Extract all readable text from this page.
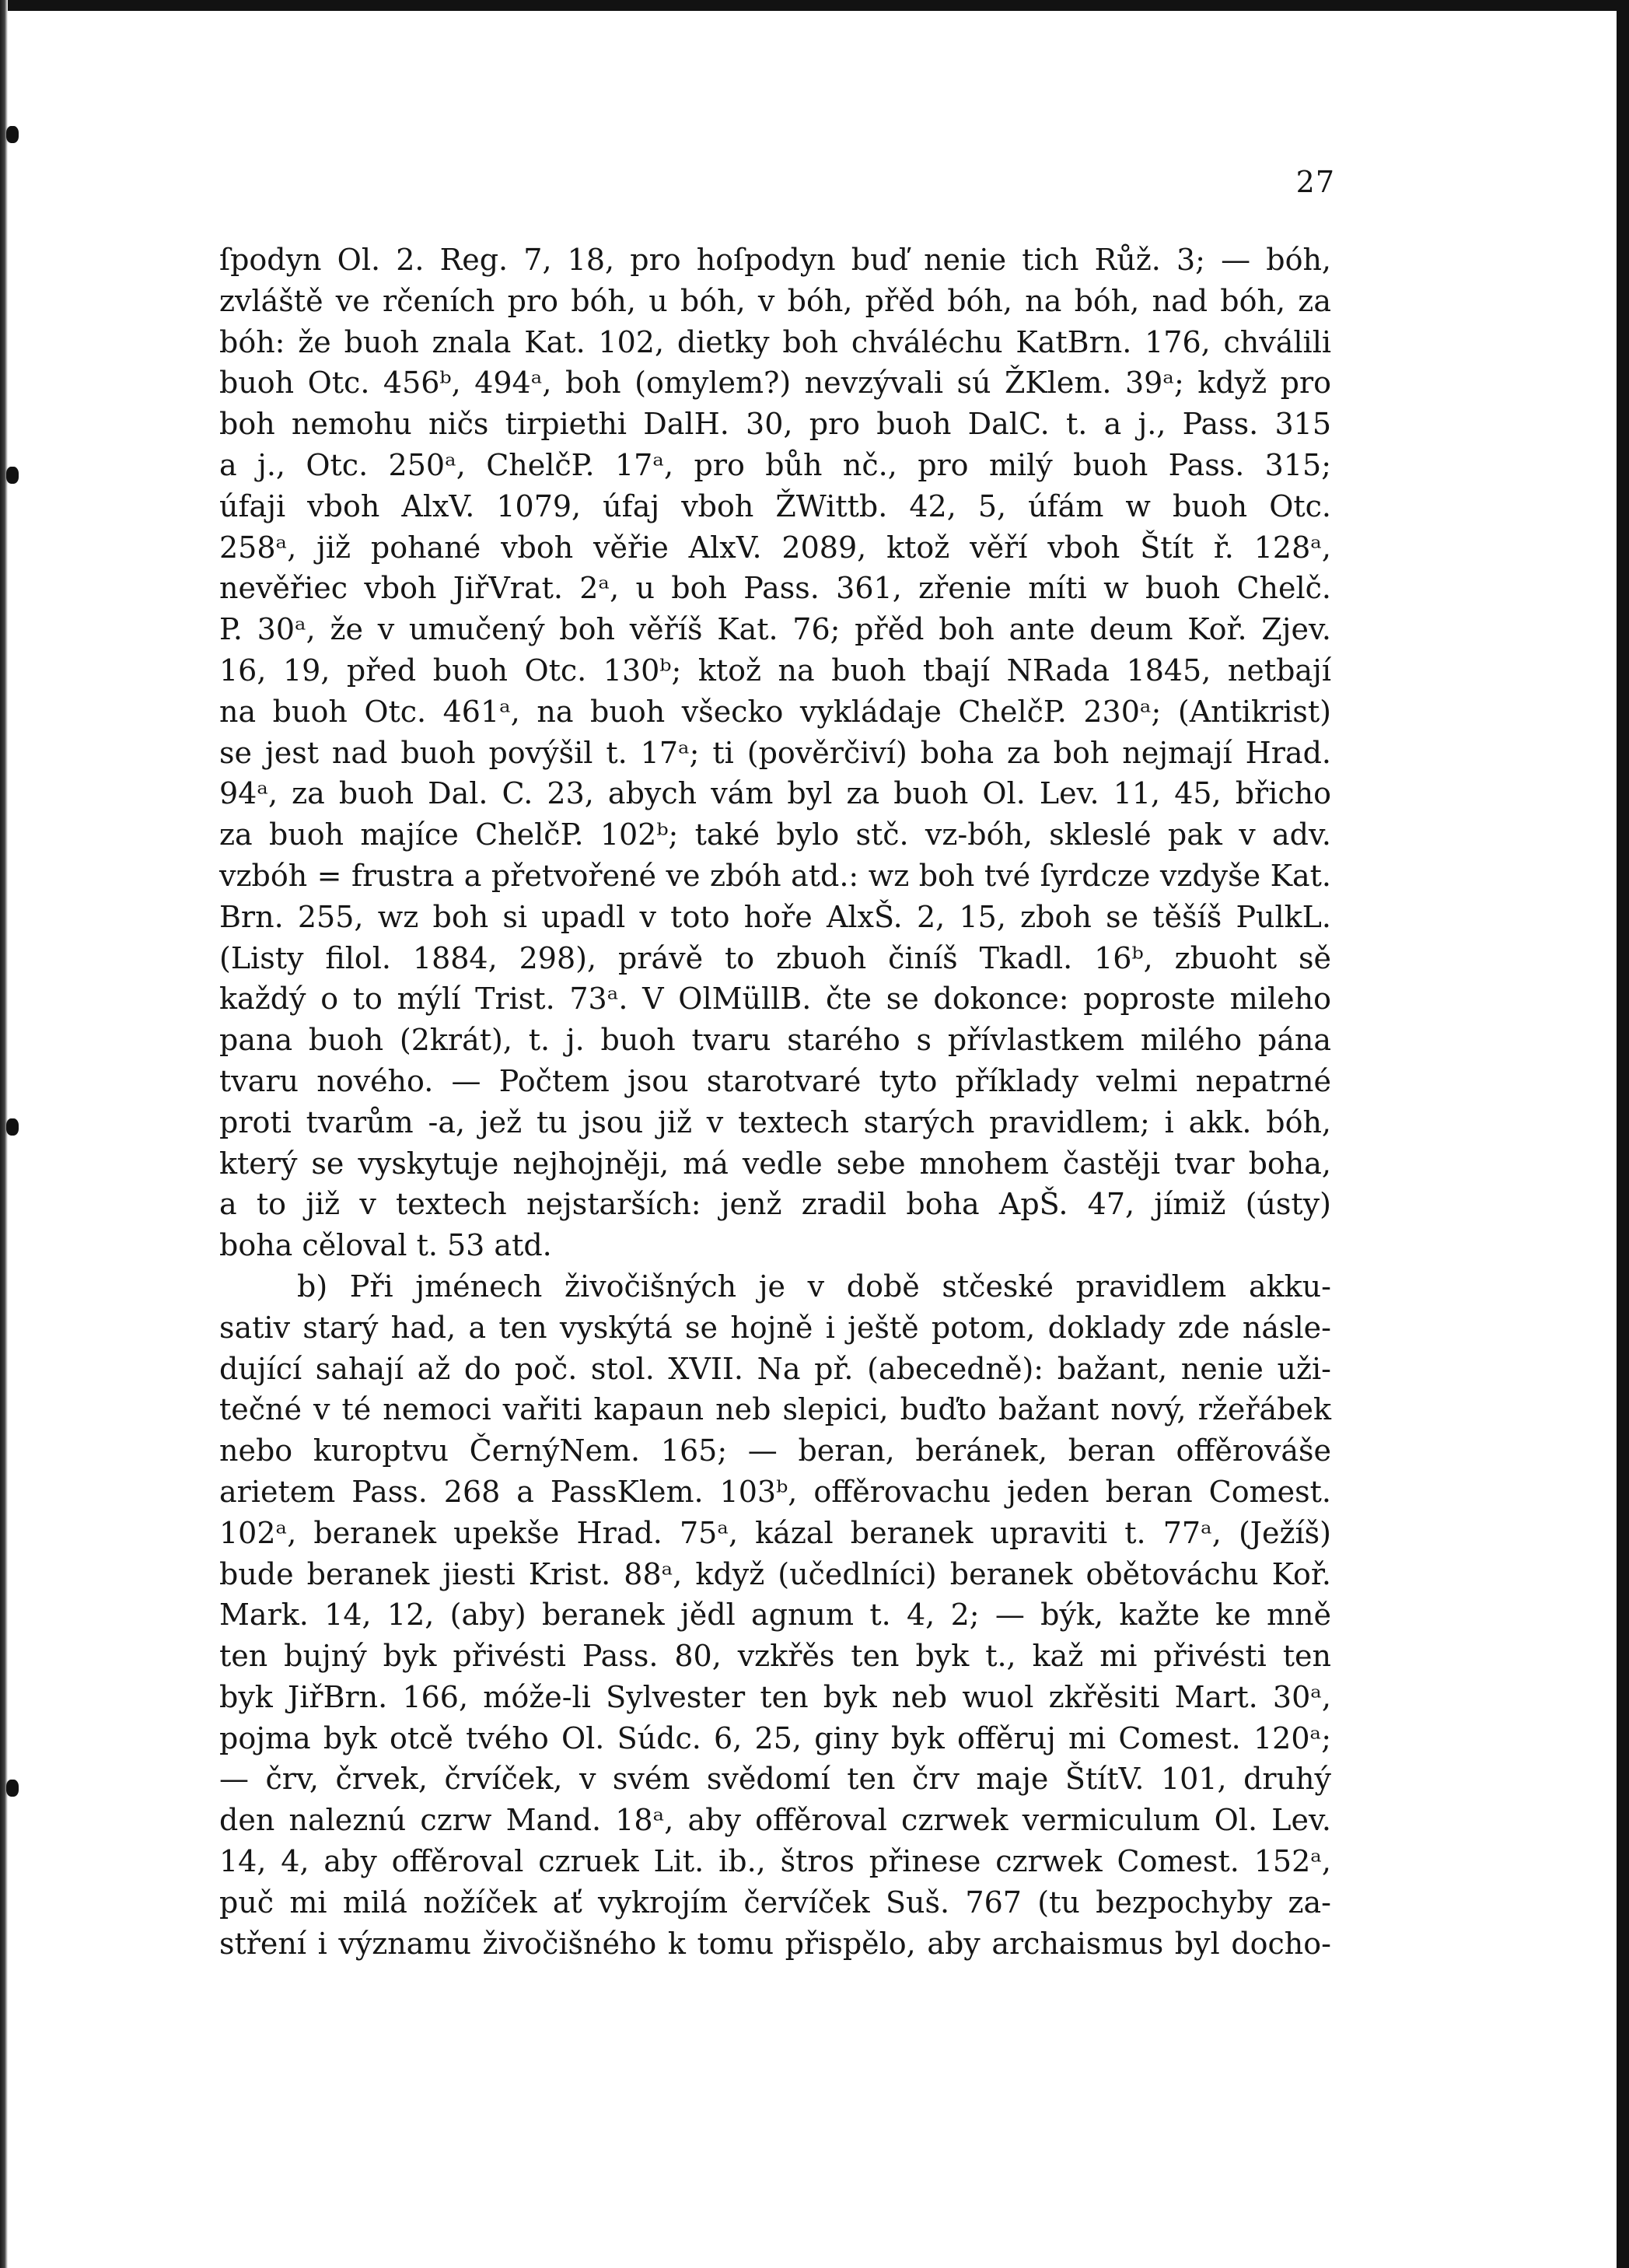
27
ſpodyn Ol. 2. Reg. 7, 18, pro hoſpodyn buď nenie tich Růž. 3; — bóh,
zvláště ve rčeních pro bóh, u bóh, v bóh, přěd bóh, na bóh, nad bóh, za
bóh: že buoh znala Kat. 102, dietky boh chváléchu KatBrn. 176, chválili
buoh Otc. 456ᵇ, 494ᵃ, boh (omylem?) nevzývali sú ŽKlem. 39ᵃ; když pro
boh nemohu ničs tirpiethi DalH. 30, pro buoh DalC. t. a j., Pass. 315
a j., Otc. 250ᵃ, ChelčP. 17ᵃ, pro bůh nč., pro milý buoh Pass. 315;
úfaji vboh AlxV. 1079, úfaj vboh ŽWittb. 42, 5, úfám w buoh Otc.
258ᵃ, již pohané vboh věřie AlxV. 2089, ktož věří vboh Štít ř. 128ᵃ,
nevěřiec vboh JiřVrat. 2ᵃ, u boh Pass. 361, zřenie míti w buoh Chelč.
P. 30ᵃ, že v umučený boh věříš Kat. 76; přěd boh ante deum Koř. Zjev.
16, 19, před buoh Otc. 130ᵇ; ktož na buoh tbají NRada 1845, netbají
na buoh Otc. 461ᵃ, na buoh všecko vykládaje ChelčP. 230ᵃ; (Antikrist)
se jest nad buoh povýšil t. 17ᵃ; ti (pověrčiví) boha za boh nejmají Hrad.
94ᵃ, za buoh Dal. C. 23, abych vám byl za buoh Ol. Lev. 11, 45, břicho
za buoh majíce ChelčP. 102ᵇ; také bylo stč. vz-bóh, skleslé pak v adv.
vzbóh = frustra a přetvořené ve zbóh atd.: wz boh tvé ſyrdcze vzdyše Kat.
Brn. 255, wz boh si upadl v toto hoře AlxŠ. 2, 15, zboh se těšíš PulkL.
(Listy filol. 1884, 298), právě to zbuoh činíš Tkadl. 16ᵇ, zbuoht sě
každý o to mýlí Trist. 73ᵃ. V OlMüllB. čte se dokonce: poproste mileho
pana buoh (2krát), t. j. buoh tvaru starého s přívlastkem milého pána
tvaru nového. — Počtem jsou starotvaré tyto příklady velmi nepatrné
proti tvarům -a, jež tu jsou již v textech starých pravidlem; i akk. bóh,
který se vyskytuje nejhojněji, má vedle sebe mnohem častěji tvar boha,
a to již v textech nejstarších: jenž zradil boha ApŠ. 47, jímiž (ústy)
boha cěloval t. 53 atd.
b) Při jménech živočišných je v době stčeské pravidlem akku-
sativ starý had, a ten vyskýtá se hojně i ještě potom, doklady zde násle-
dující sahají až do poč. stol. XVII. Na př. (abecedně): bažant, nenie uži-
tečné v té nemoci vařiti kapaun neb slepici, buďto bažant nový, ržeřábek
nebo kuroptvu ČernýNem. 165; — beran, beránek, beran offěrováše
arietem Pass. 268 a PassKlem. 103ᵇ, offěrovachu jeden beran Comest.
102ᵃ, beranek upekše Hrad. 75ᵃ, kázal beranek upraviti t. 77ᵃ, (Ježíš)
bude beranek jiesti Krist. 88ᵃ, když (učedlníci) beranek obětováchu Koř.
Mark. 14, 12, (aby) beranek jědl agnum t. 4, 2; — býk, kažte ke mně
ten bujný byk přivésti Pass. 80, vzkřěs ten byk t., kaž mi přivésti ten
byk JiřBrn. 166, móže-li Sylvester ten byk neb wuol zkřěsiti Mart. 30ᵃ,
pojma byk otcě tvého Ol. Súdc. 6, 25, giny byk offěruj mi Comest. 120ᵃ;
— črv, črvek, črvíček, v svém svědomí ten črv maje ŠtítV. 101, druhý
den naleznú czrw Mand. 18ᵃ, aby offěroval czrwek vermiculum Ol. Lev.
14, 4, aby offěroval czruek Lit. ib., štros přinese czrwek Comest. 152ᵃ,
puč mi milá nožíček ať vykrojím červíček Suš. 767 (tu bezpochyby za-
stření i významu živočišného k tomu přispělo, aby archaismus byl docho-
